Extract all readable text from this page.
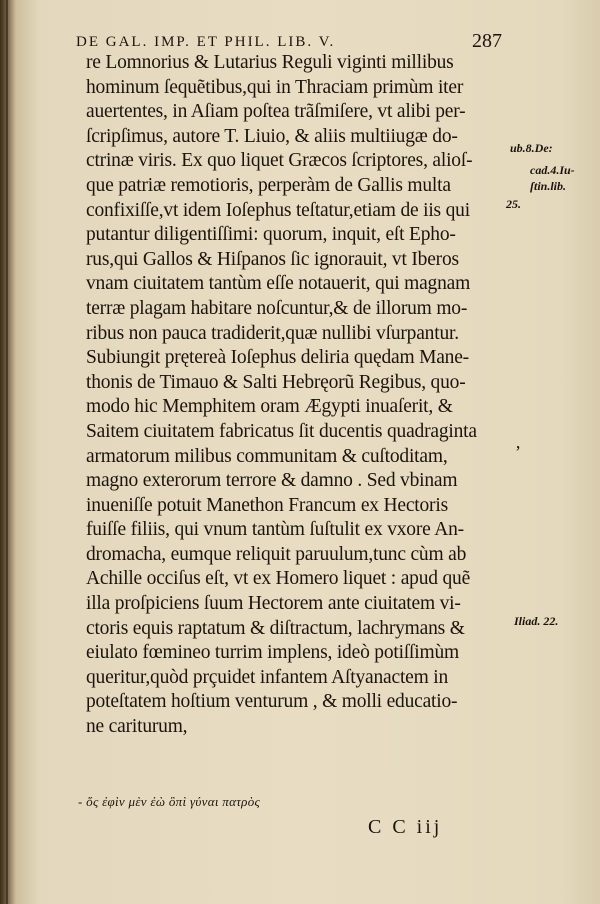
DE GAL. IMP. ET PHIL. LIB. V.	287
re Lomnorius & Lutarius Reguli viginti millibus
hominum ſequẽtibus,qui in Thraciam primùm iter
auertentes, in Aſiam poſtea trãſmiſere, vt alibi per-
ſcripſimus, autore T. Liuio, & aliis multiiugæ do-
ctrinæ viris. Ex quo liquet Græcos ſcriptores, alioſ-
que patriæ remotioris, perperàm de Gallis multa
confixiſſe,vt idem Ioſephus teſtatur,etiam de iis qui
putantur diligentiſſimi: quorum, inquit, eſt Epho-
rus,qui Gallos & Hiſpanos ſic ignorauit, vt Iberos
vnam ciuitatem tantùm eſſe notauerit, qui magnam
terræ plagam habitare noſcuntur,& de illorum mo-
ribus non pauca tradiderit,quæ nullibi vſurpantur.
Subiungit prętereà Ioſephus deliria quędam Mane-
thonis de Timauo & Salti Hebręorũ Regibus, quo-
modo hic Memphitem oram Ægypti inuaſerit, &
Saitem ciuitatem fabricatus ſit ducentis quadraginta
armatorum milibus communitam & cuſtoditam,
magno exterorum terrore & damno . Sed vbinam
inueniſſe potuit Manethon Francum ex Hectoris
fuiſſe filiis, qui vnum tantùm ſuſtulit ex vxore An-
dromacha, eumque reliquit paruulum,tunc cùm ab
Achille occiſus eſt, vt ex Homero liquet : apud quẽ
illa proſpiciens ſuum Hectorem ante ciuitatem vi-
ctoris equis raptatum & diſtractum, lachrymans &
eiulato fœmineo turrim implens, ideò potiſſimùm
queritur,quòd prçuidet infantem Aſtyanactem in
poteſtatem hoſtium venturum , & molli educatio-
ne cariturum,
ub.8.De:
cad.4.Iu-
ſtin.lib.
25.
Iliad. 22.
‚
- ὅς ἐφὶν μὲν ἐὼ ὃπὶ γύναι πατρὸς
C C iij
